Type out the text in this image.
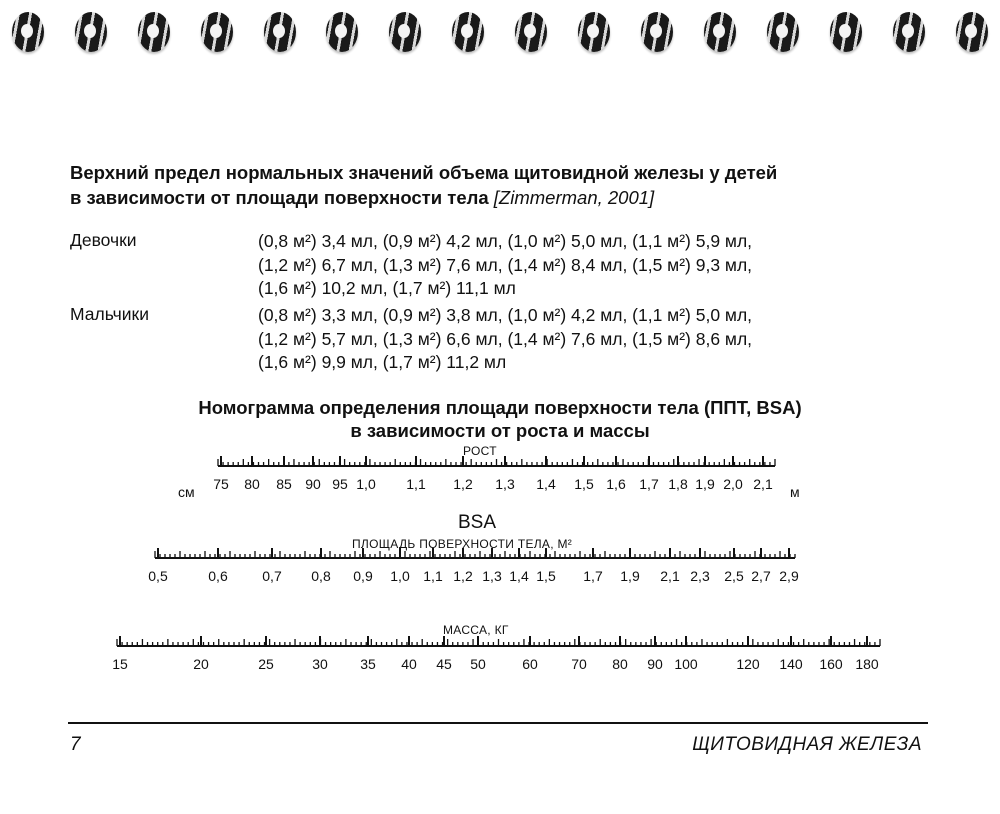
Верхний предел нормальных значений объема щитовидной железы у детей
в зависимости от площади поверхности тела [Zimmerman, 2001]
Девочки	(0,8 м²) 3,4 мл, (0,9 м²) 4,2 мл, (1,0 м²) 5,0 мл, (1,1 м²) 5,9 мл,
(1,2 м²) 6,7 мл, (1,3 м²) 7,6 мл, (1,4 м²) 8,4 мл, (1,5 м²) 9,3 мл,
(1,6 м²) 10,2 мл, (1,7 м²) 11,1 мл
Мальчики	(0,8 м²) 3,3 мл, (0,9 м²) 3,8 мл, (1,0 м²) 4,2 мл, (1,1 м²) 5,0 мл,
(1,2 м²) 5,7 мл, (1,3 м²) 6,6 мл, (1,4 м²) 7,6 мл, (1,5 м²) 8,6 мл,
(1,6 м²) 9,9 мл, (1,7 м²) 11,2 мл
Номограмма определения площади поверхности тела (ППТ, BSA)
в зависимости от роста и массы
РОСТ
BSA
ПЛОЩАДЬ ПОВЕРХНОСТИ ТЕЛА, М²
МАССА, КГ
75 80 85 90 95 1,0 1,1 1,2 1,3 1,4 1,5 1,6 1,7 1,8 1,9 2,0 2,1
0,5	0,6 0,7 0,8 0,9 1,0 1,1 1,2 1,3 1,4 1,5 1,7 1,9 2,1 2,3 2,5 2,7 2,9
15	20	25	30 35 40 45 50	60 70 80 90 100	120 140 160 180
см	м
7	ЩИТОВИДНАЯ ЖЕЛЕЗА
